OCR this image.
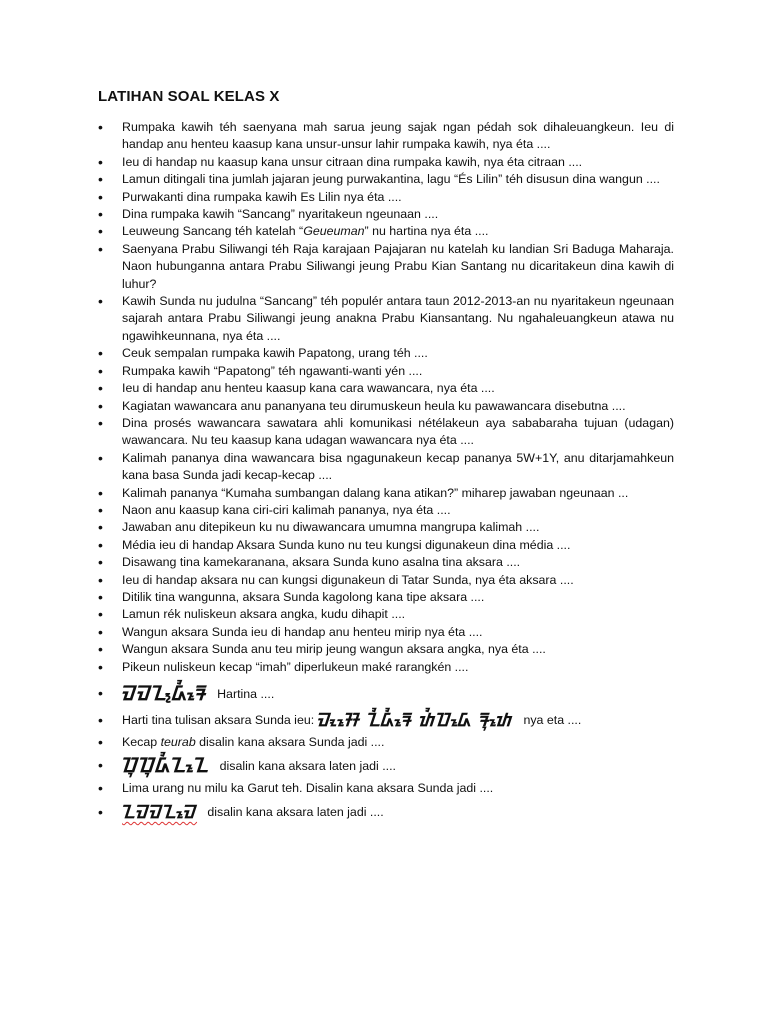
LATIHAN SOAL KELAS X
• Rumpaka kawih téh saenyana mah sarua jeung sajak ngan pédah sok dihaleuangkeun. Ieu di handap anu henteu kaasup kana unsur-unsur lahir rumpaka kawih, nya éta ....
• Ieu di handap nu kaasup kana unsur citraan dina rumpaka kawih, nya éta citraan ....
• Lamun ditingali tina jumlah jajaran jeung purwakantina, lagu “És Lilin” téh disusun dina wangun ....
• Purwakanti dina rumpaka kawih Es Lilin nya éta ....
• Dina rumpaka kawih “Sancang” nyaritakeun ngeunaan ....
• Leuweung Sancang téh katelah “Geueuman” nu hartina nya éta ....
• Saenyana Prabu Siliwangi téh Raja karajaan Pajajaran nu katelah ku landian Sri Baduga Maharaja. Naon hubunganna antara Prabu Siliwangi jeung Prabu Kian Santang nu dicaritakeun dina kawih di luhur?
• Kawih Sunda nu judulna “Sancang” téh populér antara taun 2012-2013-an nu nyaritakeun ngeunaan sajarah antara Prabu Siliwangi jeung anakna Prabu Kiansantang. Nu ngahaleuangkeun atawa nu ngawihkeunnana, nya éta ....
• Ceuk sempalan rumpaka kawih Papatong, urang téh ....
• Rumpaka kawih “Papatong” téh ngawanti-wanti yén ....
• Ieu di handap anu henteu kaasup kana cara wawancara, nya éta ....
• Kagiatan wawancara anu pananyana teu dirumuskeun heula ku pawawancara disebutna ....
• Dina prosés wawancara sawatara ahli komunikasi nétélakeun aya sababaraha tujuan (udagan) wawancara. Nu teu kaasup kana udagan wawancara nya éta ....
• Kalimah pananya dina wawancara bisa ngagunakeun kecap pananya 5W+1Y, anu ditarjamahkeun kana basa Sunda jadi kecap-kecap ....
• Kalimah pananya “Kumaha sumbangan dalang kana atikan?” miharep jawaban ngeunaan ...
• Naon anu kaasup kana ciri-ciri kalimah pananya, nya éta ....
• Jawaban anu ditepikeun ku nu diwawancara umumna mangrupa kalimah ....
• Média ieu di handap Aksara Sunda kuno nu teu kungsi digunakeun dina média ....
• Disawang tina kamekaranana, aksara Sunda kuno asalna tina aksara ....
• Ieu di handap aksara nu can kungsi digunakeun di Tatar Sunda, nya éta aksara ....
• Ditilik tina wangunna, aksara Sunda kagolong kana tipe aksara ....
• Lamun rék nuliskeun aksara angka, kudu dihapit ....
• Wangun aksara Sunda ieu di handap anu henteu mirip nya éta ....
• Wangun aksara Sunda anu teu mirip jeung wangun aksara angka, nya éta ....
• Pikeun nuliskeun kecap “imah” diperlukeun maké rarangkén ....
• ᮙᮙᮔ᮪ᮓᮤᮛᮦ Hartina ....
• Harti tina tulisan aksara Sunda ieu: ᮙᮧᮞᮦ ᮔᮤᮓᮤᮛᮦ ᮒᮤᮕᮓᮦ ᮛᮥᮒᮦ nya eta ....
• Kecap teurab disalin kana aksara Sunda jadi ....
• ᮕᮥᮕᮥᮓᮤᮔᮔᮦ disalin kana aksara laten jadi ....
• Lima urang nu milu ka Garut teh. Disalin kana aksara Sunda jadi ....
• ᮔᮙᮙᮔᮙᮦ disalin kana aksara laten jadi ....
